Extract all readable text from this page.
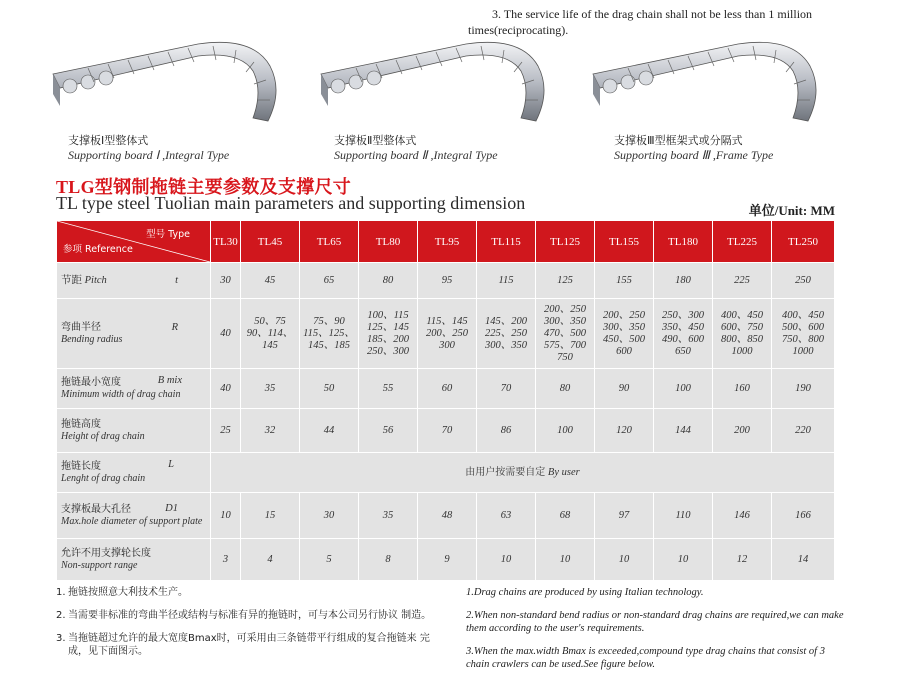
3. The service life of the drag chain shall not be less than 1 million
times(reciprocating).
支撑板Ⅰ型整体式
Supporting board Ⅰ ,Integral Type
支撑板Ⅱ型整体式
Supporting board Ⅱ ,Integral Type
支撑板Ⅲ型框架式或分隔式
Supporting board Ⅲ ,Frame Type
TLG型钢制拖链主要参数及支撑尺寸
TL type steel Tuolian main parameters and supporting dimension	单位/Unit: MM
型号 Type
参项 Reference	TL30	TL45	TL65	TL80	TL95	TL115	TL125	TL155	TL180	TL225	TL250
节距 Pitch t	30	45	65	80	95	115	125	155	180	225	250

弯曲半径
Bending radius
R	40	50、75 90、114、145	75、90 115、125、145、185	100、115 125、145 185、200 250、300	115、145 200、250 300	145、200 225、250 300、350	200、250 300、350 470、500 575、700 750	200、250 300、350 450、500 600	250、300 350、450 490、600 650	400、450 600、750 800、850 1000	400、450 500、600 750、800 1000

拖链最小宽度
Minimum width of drag chain
B mix	40	35	50	55	60	70	80	90	100	160	190

拖链高度
Height of drag chain	25	32	44	56	70	86	100	120	144	200	220

拖链长度
Lenght of drag chain
L	由用户按需要自定 By user										

支撑板最大孔径
Max.hole diameter of support plate
D1	10	15	30	35	48	63	68	97	110	146	166

允许不用支撑轮长度
Non-support range	3	4	5	8	9	10	10	10	10	12	14
1. 拖链按照意大利技术生产。
2. 当需要非标准的弯曲半径或结构与标准有异的拖链时，可与本公司另行协议 制造。
3. 当拖链超过允许的最大宽度Bmax时，可采用由三条链带平行组成的复合拖链来 完成，见下面图示。
1.Drag chains are produced by using Italian technology.
2.When non-standard bend radius or non-standard drag chains are required,we can make them according to the user's requirements.
3.When the max.width Bmax is exceeded,compound type drag chains that consist of 3 chain crawlers can be used.See figure below.
